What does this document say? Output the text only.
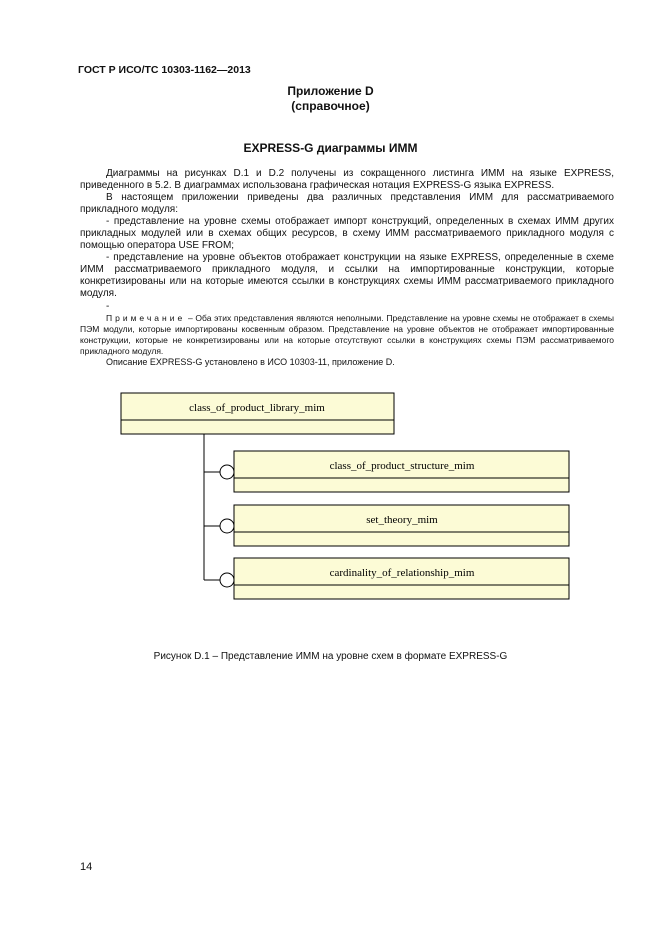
ГОСТ Р ИСО/ТС 10303-1162—2013
Приложение D
(справочное)
EXPRESS-G диаграммы ИММ

Диаграммы на рисунках D.1 и D.2 получены из сокращенного листинга ИММ на языке EXPRESS, приведенного в 5.2. В диаграммах использована графическая нотация EXPRESS-G языка EXPRESS.

В настоящем приложении приведены два различных представления ИММ для рассматриваемого прикладного модуля:

- представление на уровне схемы отображает импорт конструкций, определенных в схемах ИММ других прикладных модулей или в схемах общих ресурсов, в схему ИММ рассматриваемого прикладного модуля с помощью оператора USE FROM;

- представление на уровне объектов отображает конструкции на языке EXPRESS, определенные в схеме ИММ рассматриваемого прикладного модуля, и ссылки на импортированные конструкции, которые конкретизированы или на которые имеются ссылки в конструкциях схемы ИММ рассматриваемого прикладного модуля.

-

Примечание – Оба этих представления являются неполными. Представление на уровне схемы не отображает в схемы ПЭМ модули, которые импортированы косвенным образом. Представление на уровне объектов не отображает импортированные конструкции, которые не конкретизированы или на которые отсутствуют ссылки в конструкциях схемы ПЭМ рассматриваемого прикладного модуля.

Описание EXPRESS-G установлено в ИСО 10303-11, приложение D.

class_of_product_library_mim
class_of_product_structure_mim
set_theory_mim
cardinality_of_relationship_mim
Рисунок D.1 – Представление ИММ на уровне схем в формате EXPRESS-G
14
